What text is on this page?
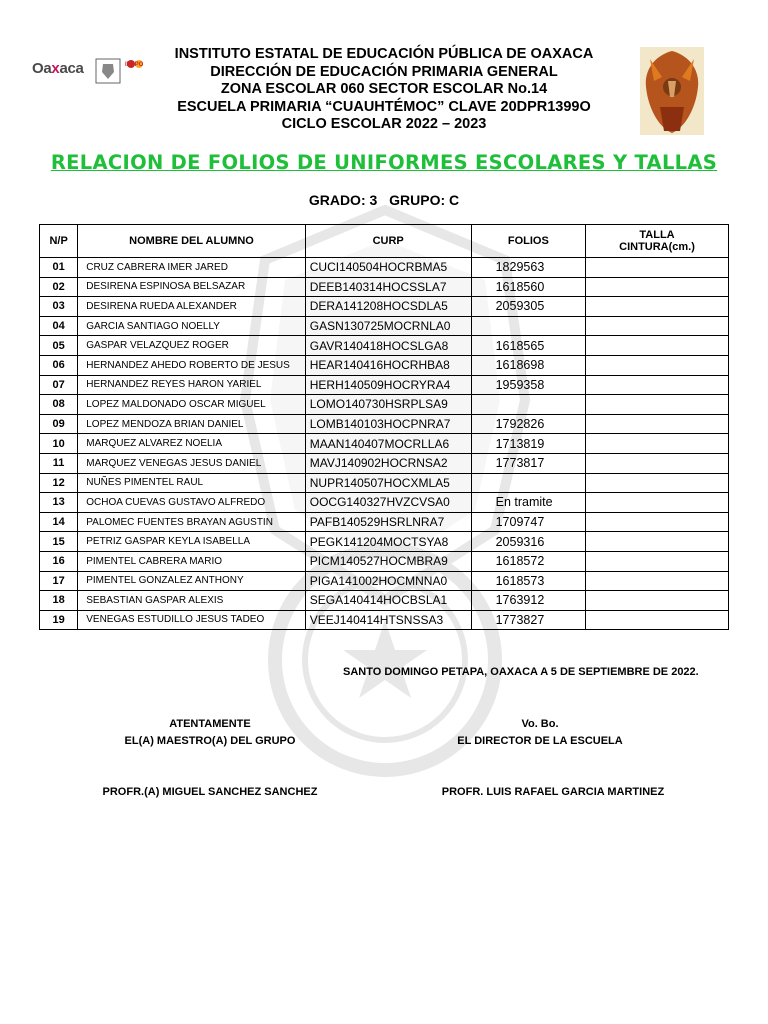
Oaxaca	IEEPO
INSTITUTO ESTATAL DE EDUCACIÓN PÚBLICA DE OAXACA
DIRECCIÓN DE EDUCACIÓN PRIMARIA GENERAL
ZONA ESCOLAR 060 SECTOR ESCOLAR No.14
ESCUELA PRIMARIA “CUAUHTÉMOC” CLAVE 20DPR1399O
CICLO ESCOLAR 2022 – 2023
RELACION DE FOLIOS DE UNIFORMES ESCOLARES Y TALLAS
GRADO: 3 GRUPO: C
N/P	NOMBRE DEL ALUMNO	CURP	FOLIOS	TALLA
CINTURA(cm.)

01	CRUZ CABRERA IMER JARED	CUCI140504HOCRBMA5	1829563	
02	DESIRENA ESPINOSA BELSAZAR	DEEB140314HOCSSLA7	1618560	
03	DESIRENA RUEDA ALEXANDER	DERA141208HOCSDLA5	2059305	
04	GARCIA SANTIAGO NOELLY	GASN130725MOCRNLA0		
05	GASPAR VELAZQUEZ ROGER	GAVR140418HOCSLGA8	1618565	
06	HERNANDEZ AHEDO ROBERTO DE JESUS	HEAR140416HOCRHBA8	1618698	
07	HERNANDEZ REYES HARON YARIEL	HERH140509HOCRYRA4	1959358	
08	LOPEZ MALDONADO OSCAR MIGUEL	LOMO140730HSRPLSA9		
09	LOPEZ MENDOZA BRIAN DANIEL	LOMB140103HOCPNRA7	1792826	
10	MARQUEZ ALVAREZ NOELIA	MAAN140407MOCRLLA6	1713819	
11	MARQUEZ VENEGAS JESUS DANIEL	MAVJ140902HOCRNSA2	1773817	
12	NUÑES PIMENTEL RAUL	NUPR140507HOCXMLA5		
13	OCHOA CUEVAS GUSTAVO ALFREDO	OOCG140327HVZCVSA0	En tramite	
14	PALOMEC FUENTES BRAYAN AGUSTIN	PAFB140529HSRLNRA7	1709747	
15	PETRIZ GASPAR KEYLA ISABELLA	PEGK141204MOCTSYA8	2059316	
16	PIMENTEL CABRERA MARIO	PICM140527HOCMBRA9	1618572	
17	PIMENTEL GONZALEZ ANTHONY	PIGA141002HOCMNNA0	1618573	
18	SEBASTIAN GASPAR ALEXIS	SEGA140414HOCBSLA1	1763912	
19	VENEGAS ESTUDILLO JESUS TADEO	VEEJ140414HTSNSSA3	1773827	
SANTO DOMINGO PETAPA, OAXACA A 5 DE SEPTIEMBRE DE 2022.
ATENTAMENTE
EL(A) MAESTRO(A) DEL GRUPO
Vo. Bo.
EL DIRECTOR DE LA ESCUELA
PROFR.(A) MIGUEL SANCHEZ SANCHEZ	PROFR. LUIS RAFAEL GARCIA MARTINEZ
